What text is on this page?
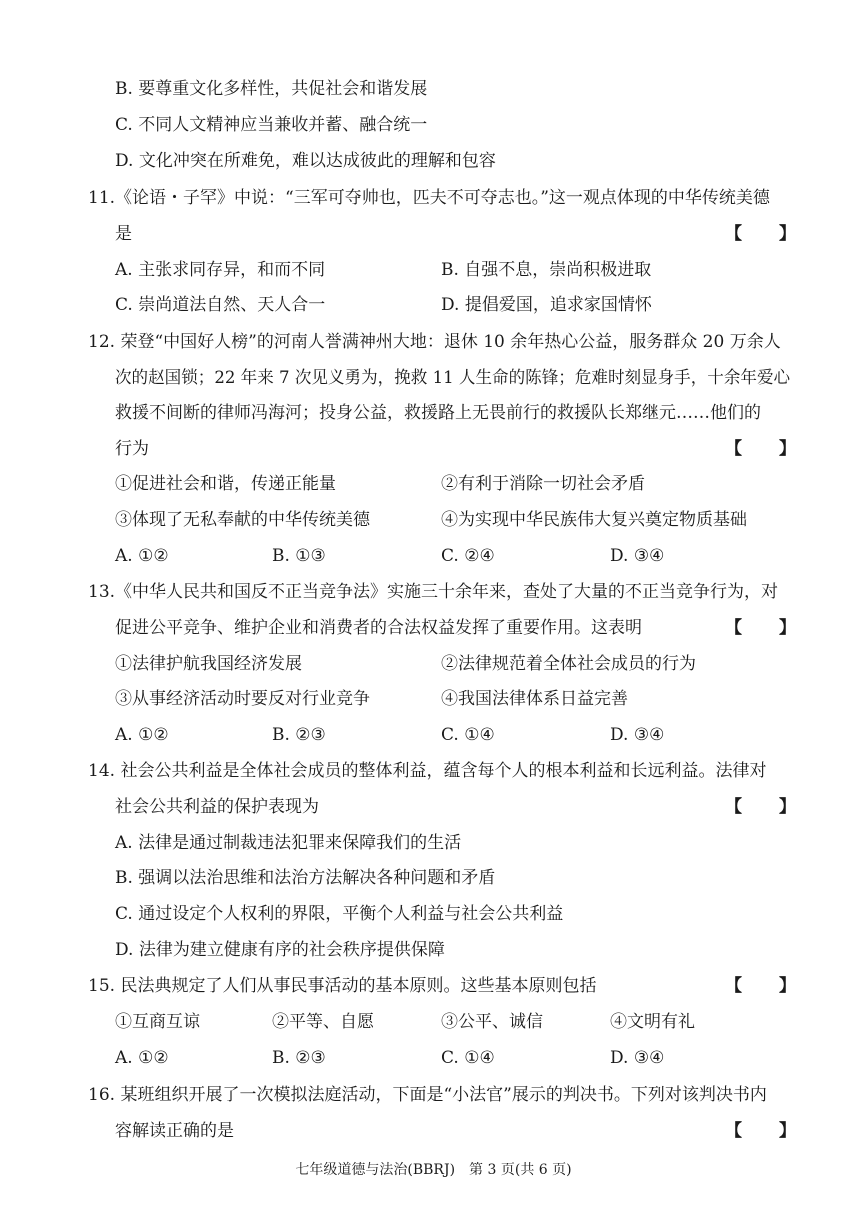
B. 要尊重文化多样性，共促社会和谐发展
C. 不同人文精神应当兼收并蓄、融合统一
D. 文化冲突在所难免，难以达成彼此的理解和包容
11.《论语・子罕》中说：“三军可夺帅也，匹夫不可夺志也。”这一观点体现的中华传统美德
是	【　　】
A. 主张求同存异，和而不同	B. 自强不息，崇尚积极进取
C. 崇尚道法自然、天人合一	D. 提倡爱国，追求家国情怀
12. 荣登“中国好人榜”的河南人誉满神州大地：退休 10 余年热心公益，服务群众 20 万余人
次的赵国锁；22 年来 7 次见义勇为，挽救 11 人生命的陈锋；危难时刻显身手，十余年爱心
救援不间断的律师冯海河；投身公益，救援路上无畏前行的救援队长郑继元……他们的
行为	【　　】
①促进社会和谐，传递正能量	②有利于消除一切社会矛盾
③体现了无私奉献的中华传统美德	④为实现中华民族伟大复兴奠定物质基础
A. ①②	B. ①③	C. ②④	D. ③④
13.《中华人民共和国反不正当竞争法》实施三十余年来，查处了大量的不正当竞争行为，对
促进公平竞争、维护企业和消费者的合法权益发挥了重要作用。这表明	【　　】
①法律护航我国经济发展	②法律规范着全体社会成员的行为
③从事经济活动时要反对行业竞争	④我国法律体系日益完善
A. ①②	B. ②③	C. ①④	D. ③④
14. 社会公共利益是全体社会成员的整体利益，蕴含每个人的根本利益和长远利益。法律对
社会公共利益的保护表现为	【　　】
A. 法律是通过制裁违法犯罪来保障我们的生活
B. 强调以法治思维和法治方法解决各种问题和矛盾
C. 通过设定个人权利的界限，平衡个人利益与社会公共利益
D. 法律为建立健康有序的社会秩序提供保障
15. 民法典规定了人们从事民事活动的基本原则。这些基本原则包括	【　　】
①互商互谅	②平等、自愿	③公平、诚信	④文明有礼
A. ①②	B. ②③	C. ①④	D. ③④
16. 某班组织开展了一次模拟法庭活动，下面是“小法官”展示的判决书。下列对该判决书内
容解读正确的是	【　　】
七年级道德与法治(BBRJ)　第 3 页(共 6 页)
